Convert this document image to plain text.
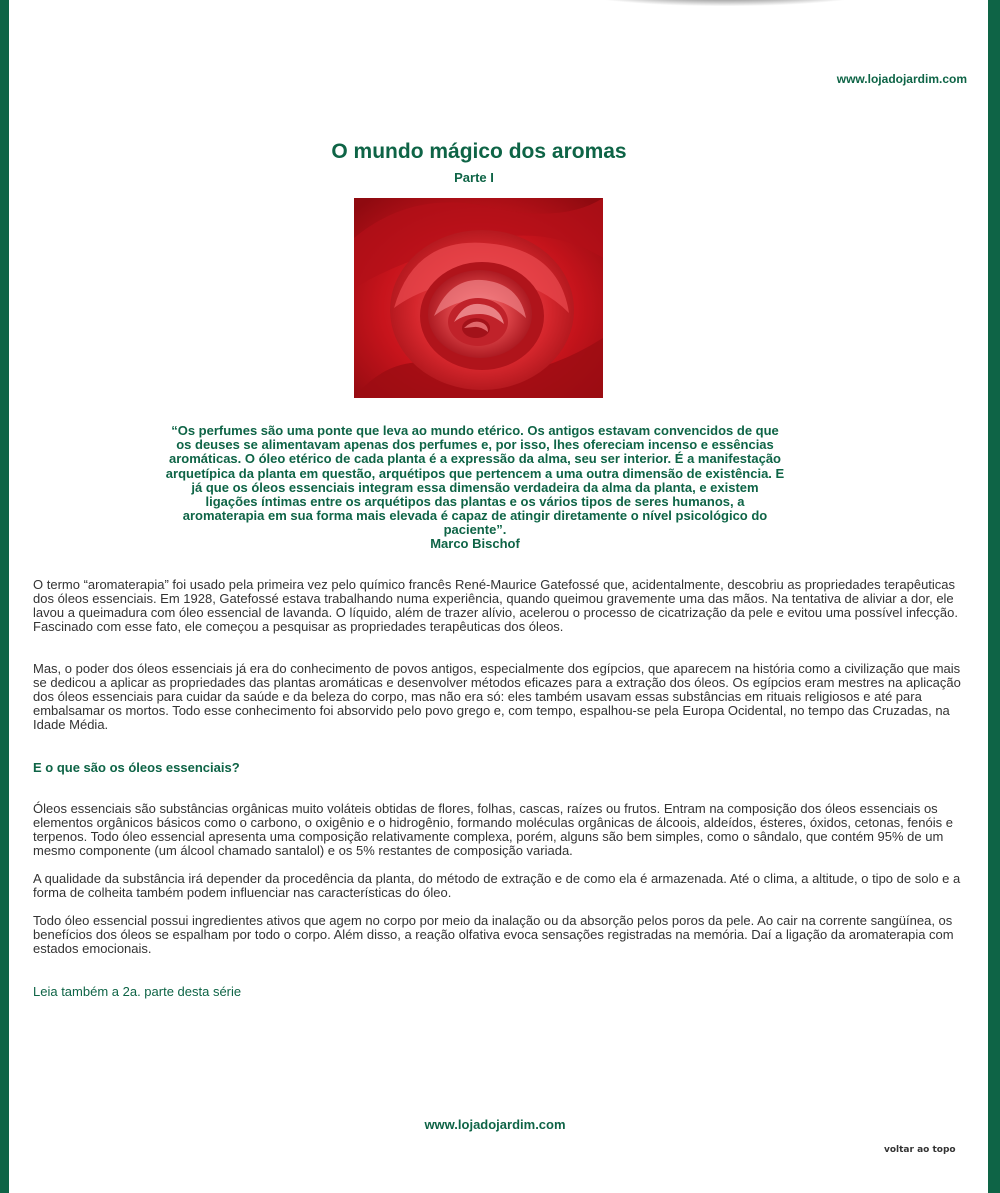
www.lojadojardim.com
O mundo mágico dos aromas
Parte I

“Os perfumes são uma ponte que leva ao mundo etérico. Os antigos estavam convencidos de que os deuses se alimentavam apenas dos perfumes e, por isso, lhes ofereciam incenso e essências aromáticas. O óleo etérico de cada planta é a expressão da alma, seu ser interior. É a manifestação arquetípica da planta em questão, arquétipos que pertencem a uma outra dimensão de existência. E já que os óleos essenciais integram essa dimensão verdadeira da alma da planta, e existem ligações íntimas entre os arquétipos das plantas e os vários tipos de seres humanos, a aromaterapia em sua forma mais elevada é capaz de atingir diretamente o nível psicológico do paciente”.

Marco Bischof

O termo “aromaterapia” foi usado pela primeira vez pelo químico francês René-Maurice Gatefossé que, acidentalmente, descobriu as propriedades terapêuticas dos óleos essenciais. Em 1928, Gatefossé estava trabalhando numa experiência, quando queimou gravemente uma das mãos. Na tentativa de aliviar a dor, ele lavou a queimadura com óleo essencial de lavanda. O líquido, além de trazer alívio, acelerou o processo de cicatrização da pele e evitou uma possível infecção. Fascinado com esse fato, ele começou a pesquisar as propriedades terapêuticas dos óleos.

Mas, o poder dos óleos essenciais já era do conhecimento de povos antigos, especialmente dos egípcios, que aparecem na história como a civilização que mais se dedicou a aplicar as propriedades das plantas aromáticas e desenvolver métodos eficazes para a extração dos óleos. Os egípcios eram mestres na aplicação dos óleos essenciais para cuidar da saúde e da beleza do corpo, mas não era só: eles também usavam essas substâncias em rituais religiosos e até para embalsamar os mortos. Todo esse conhecimento foi absorvido pelo povo grego e, com tempo, espalhou-se pela Europa Ocidental, no tempo das Cruzadas, na Idade Média.

E o que são os óleos essenciais?

Óleos essenciais são substâncias orgânicas muito voláteis obtidas de flores, folhas, cascas, raízes ou frutos. Entram na composição dos óleos essenciais os elementos orgânicos básicos como o carbono, o oxigênio e o hidrogênio, formando moléculas orgânicas de álcoois, aldeídos, ésteres, óxidos, cetonas, fenóis e terpenos. Todo óleo essencial apresenta uma composição relativamente complexa, porém, alguns são bem simples, como o sândalo, que contém 95% de um mesmo componente (um álcool chamado santalol) e os 5% restantes de composição variada.

A qualidade da substância irá depender da procedência da planta, do método de extração e de como ela é armazenada. Até o clima, a altitude, o tipo de solo e a forma de colheita também podem influenciar nas características do óleo.

Todo óleo essencial possui ingredientes ativos que agem no corpo por meio da inalação ou da absorção pelos poros da pele. Ao cair na corrente sangüínea, os benefícios dos óleos se espalham por todo o corpo. Além disso, a reação olfativa evoca sensações registradas na memória. Daí a ligação da aromaterapia com estados emocionais.

Leia também a 2a. parte desta série
www.lojadojardim.com
voltar ao topo
